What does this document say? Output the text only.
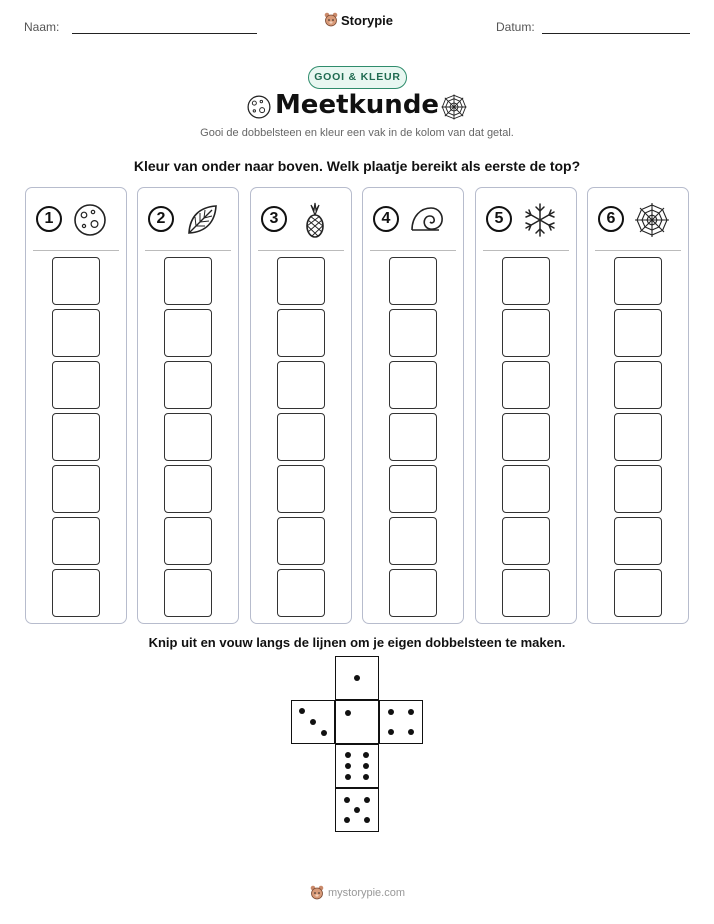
Naam:	Storypie	Datum:
GOOI & KLEUR
Meetkunde
Gooi de dobbelsteen en kleur een vak in de kolom van dat getal.
Kleur van onder naar boven. Welk plaatje bereikt als eerste de top?
1	2	3	4	5	6
Knip uit en vouw langs de lijnen om je eigen dobbelsteen te maken.
mystorypie.com
